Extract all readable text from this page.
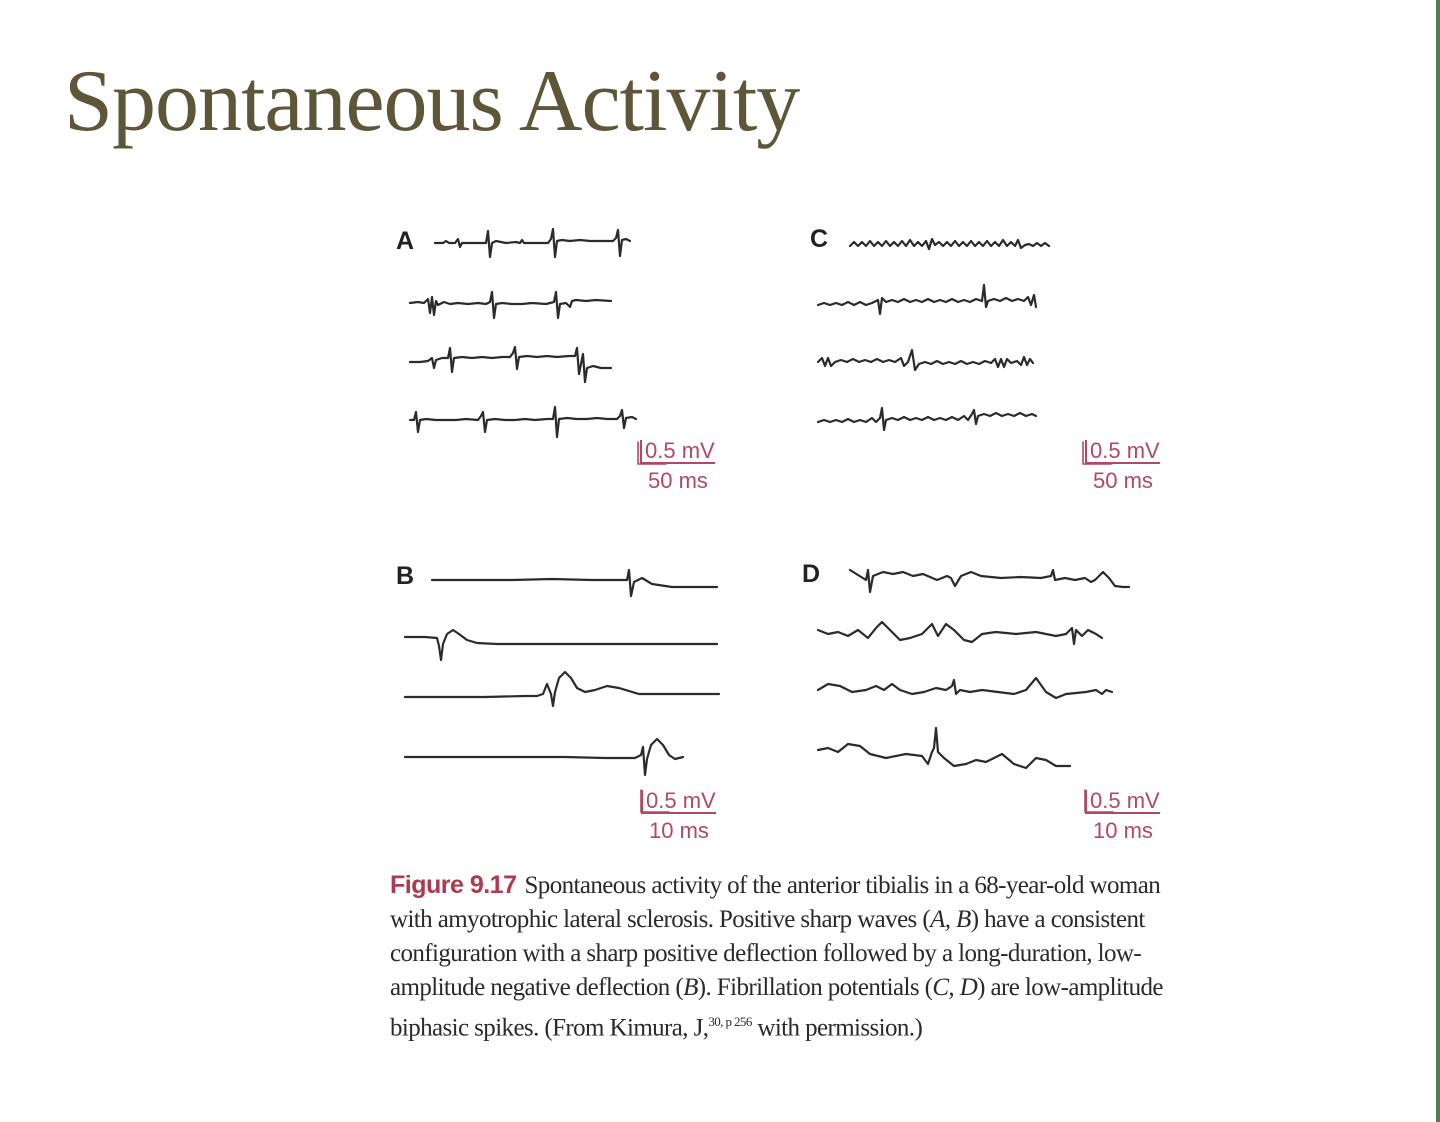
Spontaneous Activity
A	C
B	D
0.5 mV
50 ms
0.5 mV
50 ms
0.5 mV
10 ms
0.5 mV
10 ms
Figure 9.17 Spontaneous activity of the anterior tibialis in a 68-year-old woman with amyotrophic lateral sclerosis. Positive sharp waves (A, B) have a consistent configuration with a sharp positive deflection followed by a long-duration, low-amplitude negative deflection (B). Fibrillation potentials (C, D) are low-amplitude biphasic spikes. (From Kimura, J,$^{30, p 256}$ with permission.)
